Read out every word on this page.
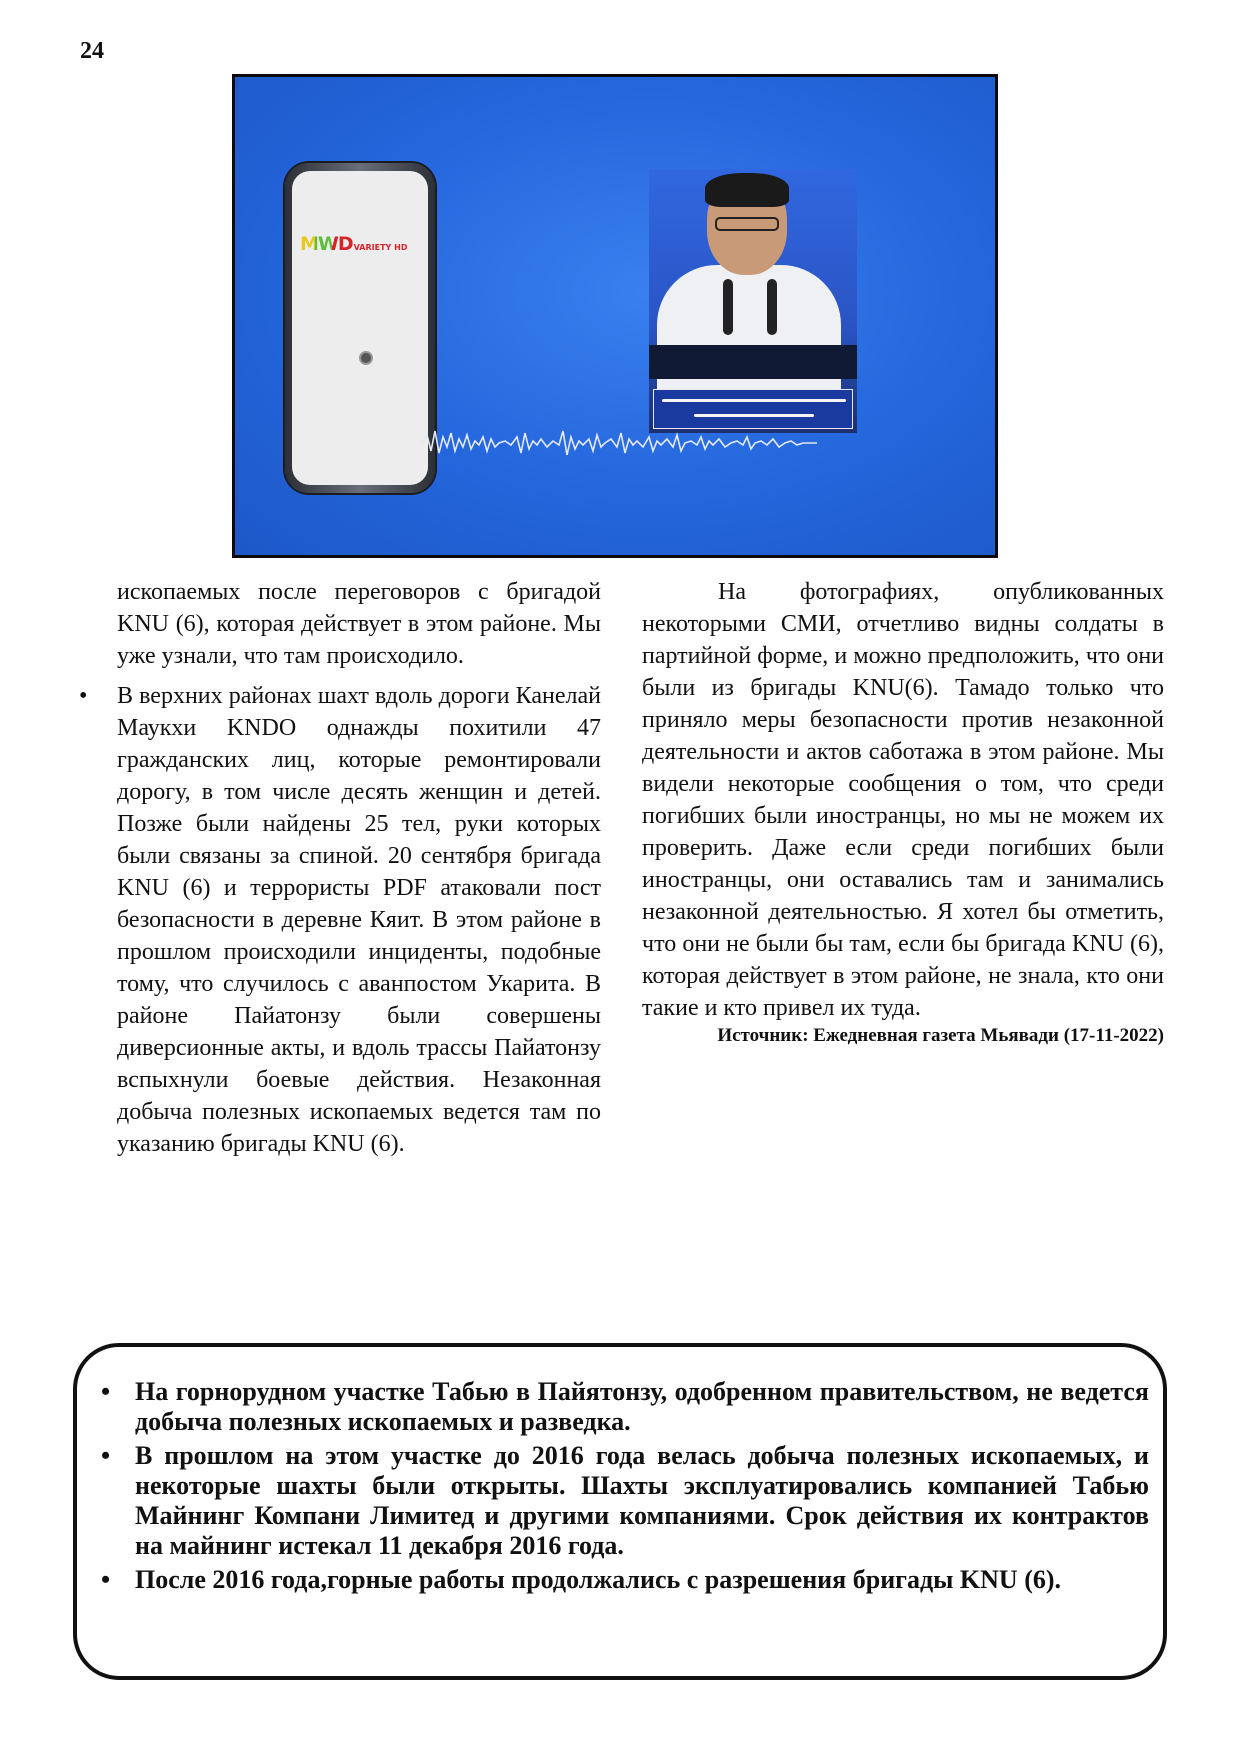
24
MWDVARIETY HD

ископаемых после переговоров с бригадой KNU (6), которая действует в этом районе. Мы уже узнали, что там происходило.

• В верхних районах шахт вдоль дороги Канелай Маукхи KNDO однажды похитили 47 гражданских лиц, которые ремонтировали дорогу, в том числе десять женщин и детей. Позже были найдены 25 тел, руки которых были связаны за спиной. 20 сентября бригада KNU (6) и террористы PDF атаковали пост безопасности в деревне Кяит. В этом районе в прошлом происходили инциденты, подобные тому, что случилось с аванпостом Укарита. В районе Пайатонзу были совершены диверсионные акты, и вдоль трассы Пайатонзу вспыхнули боевые действия. Незаконная добыча полезных ископаемых ведется там по указанию бригады KNU (6).

На фотографиях, опубликованных некоторыми СМИ, отчетливо видны солдаты в партийной форме, и можно предположить, что они были из бригады KNU(6). Тамадо только что приняло меры безопасности против незаконной деятельности и актов саботажа в этом районе. Мы видели некоторые сообщения о том, что среди погибших были иностранцы, но мы не можем их проверить. Даже если среди погибших были иностранцы, они оставались там и занимались незаконной деятельностью. Я хотел бы отметить, что они не были бы там, если бы бригада KNU (6), которая действует в этом районе, не знала, кто они такие и кто привел их туда.

Источник: Ежедневная газета Мьявади (17-11-2022)

• На горнорудном участке Табью в Пайятонзу, одобренном правительством, не ведется добыча полезных ископаемых и разведка.
• В прошлом на этом участке до 2016 года велась добыча полезных ископаемых, и некоторые шахты были открыты. Шахты эксплуатировались компанией Табью Майнинг Компани Лимитед и другими компаниями. Срок действия их контрактов на майнинг истекал 11 декабря 2016 года.
• После 2016 года,горные работы продолжались с разрешения бригады KNU (6).
